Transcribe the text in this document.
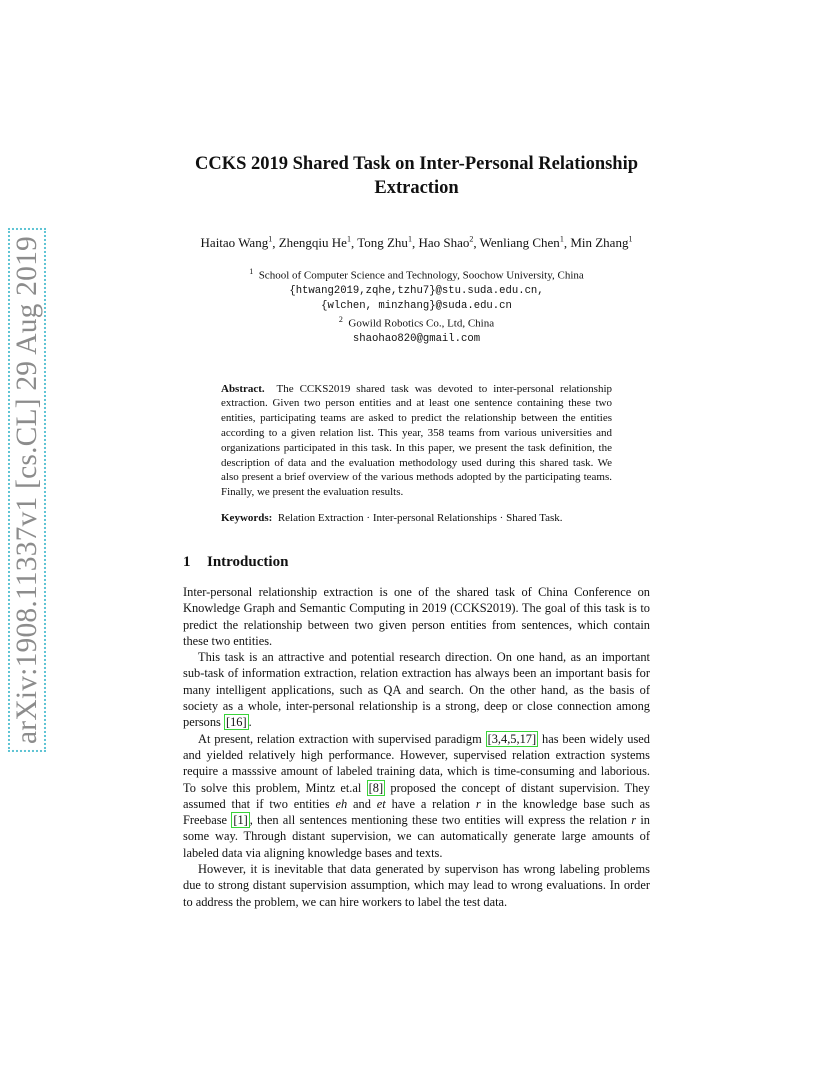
arXiv:1908.11337v1 [cs.CL] 29 Aug 2019
CCKS 2019 Shared Task on Inter-Personal Relationship
Extraction
Haitao Wang$^1$, Zhengqiu He$^1$, Tong Zhu$^1$, Hao Shao$^2$, Wenliang Chen$^1$, Min Zhang$^1$
$^1$ School of Computer Science and Technology, Soochow University, China
{htwang2019,zqhe,tzhu7}@stu.suda.edu.cn,
{wlchen, minzhang}@suda.edu.cn
$^2$ Gowild Robotics Co., Ltd, China
shaohao820@gmail.com
Abstract. The CCKS2019 shared task was devoted to inter-personal relationship extraction. Given two person entities and at least one sentence containing these two entities, participating teams are asked to predict the relationship between the entities according to a given relation list. This year, 358 teams from various universities and organizations participated in this task. In this paper, we present the task definition, the description of data and the evaluation methodology used during this shared task. We also present a brief overview of the various methods adopted by the participating teams. Finally, we present the evaluation results.
Keywords: Relation Extraction · Inter-personal Relationships · Shared Task.
1 Introduction

Inter-personal relationship extraction is one of the shared task of China Conference on Knowledge Graph and Semantic Computing in 2019 (CCKS2019). The goal of this task is to predict the relationship between two given person entities from sentences, which contain these two entities.

This task is an attractive and potential research direction. On one hand, as an important sub-task of information extraction, relation extraction has always been an important basis for many intelligent applications, such as QA and search. On the other hand, as the basis of society as a whole, inter-personal relationship is a strong, deep or close connection among persons [16] .

At present, relation extraction with supervised paradigm [3,4,5,17] has been widely used and yielded relatively high performance. However, supervised relation extraction systems require a masssive amount of labeled training data, which is time-consuming and laborious. To solve this problem, Mintz et.al [8] proposed the concept of distant supervision. They assumed that if two entities eh and et have a relation r in the knowledge base such as Freebase [1] , then all sentences mentioning these two entities will express the relation r in some way. Through distant supervision, we can automatically generate large amounts of labeled data via aligning knowledge bases and texts.

However, it is inevitable that data generated by supervison has wrong labeling problems due to strong distant supervision assumption, which may lead to wrong evaluations. In order to address the problem, we can hire workers to label the test data.
